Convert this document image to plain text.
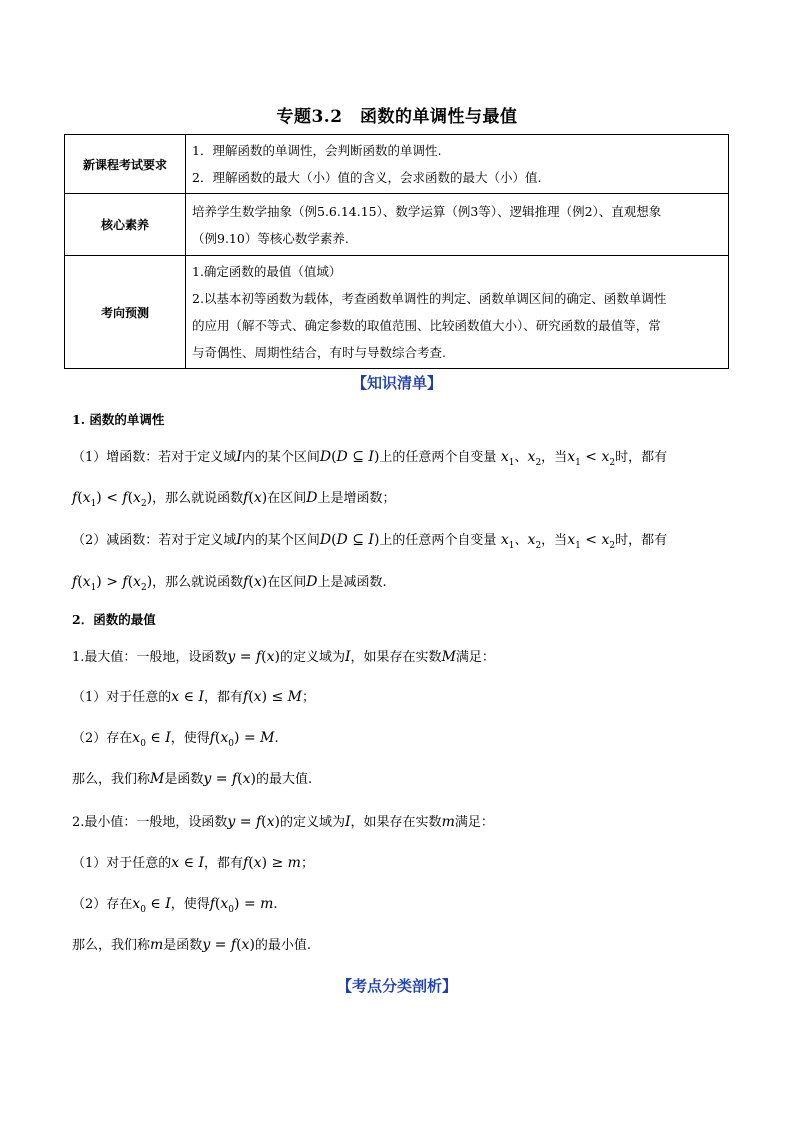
专题3.2　函数的单调性与最值
新课程考试要求	1．理解函数的单调性，会判断函数的单调性.
2．理解函数的最大（小）值的含义，会求函数的最大（小）值.

核心素养	培养学生数学抽象（例5.6.14.15）、数学运算（例3等）、逻辑推理（例2）、直观想象
（例9.10）等核心数学素养.

考向预测	1.确定函数的最值（值域）
2.以基本初等函数为载体，考查函数单调性的判定、函数单调区间的确定、函数单调性
的应用（解不等式、确定参数的取值范围、比较函数值大小）、研究函数的最值等，常
与奇偶性、周期性结合，有时与导数综合考查.
【知识清单】
1. 函数的单调性
（1）增函数：若对于定义域I内的某个区间D(D ⊆ I)上的任意两个自变量 $x_1$、$x_2$，当$x_1 < x_2$时，都有
$f(x_1) < f(x_2)$，那么就说函数f(x)在区间D上是增函数；
（2）减函数：若对于定义域I内的某个区间D(D ⊆ I)上的任意两个自变量 $x_1$、$x_2$，当$x_1 < x_2$时，都有
$f(x_1) > f(x_2)$，那么就说函数f(x)在区间D上是减函数.
2．函数的最值
1.最大值：一般地，设函数y = f(x)的定义域为I，如果存在实数M满足：
（1）对于任意的x ∈ I，都有f(x) ≤ M；
（2）存在$x_0$ ∈ I，使得$f(x_0) = M$.
那么，我们称M是函数y = f(x)的最大值.
2.最小值：一般地，设函数y = f(x)的定义域为I，如果存在实数m满足：
（1）对于任意的x ∈ I，都有f(x) ≥ m；
（2）存在$x_0$ ∈ I，使得$f(x_0) = m$.
那么，我们称m是函数y = f(x)的最小值.
【考点分类剖析】
